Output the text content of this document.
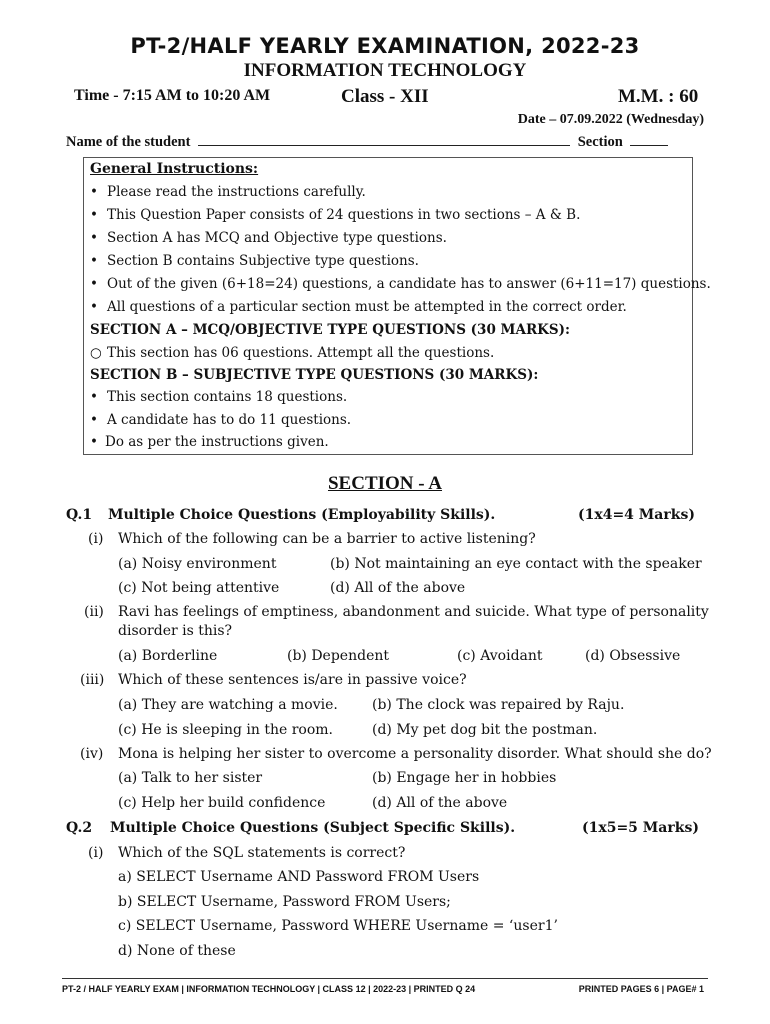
PT-2/HALF YEARLY EXAMINATION, 2022-23
INFORMATION TECHNOLOGY
Time - 7:15 AM to 10:20 AM	Class - XII	M.M. : 60
Date – 07.09.2022 (Wednesday)
Name of the student	Section
General Instructions:
• Please read the instructions carefully.
• This Question Paper consists of 24 questions in two sections – A & B.
• Section A has MCQ and Objective type questions.
• Section B contains Subjective type questions.
• Out of the given (6+18=24) questions, a candidate has to answer (6+11=17) questions.
• All questions of a particular section must be attempted in the correct order.
SECTION A – MCQ/OBJECTIVE TYPE QUESTIONS (30 MARKS):
○ This section has 06 questions. Attempt all the questions.
SECTION B – SUBJECTIVE TYPE QUESTIONS (30 MARKS):
• This section contains 18 questions.
• A candidate has to do 11 questions.
• Do as per the instructions given.
SECTION - A
Q.1 Multiple Choice Questions (Employability Skills).	(1x4=4 Marks)
(i) Which of the following can be a barrier to active listening?
(a) Noisy environment	(b) Not maintaining an eye contact with the speaker
(c) Not being attentive	(d) All of the above
(ii) Ravi has feelings of emptiness, abandonment and suicide. What type of personality
disorder is this?
(a) Borderline	(b) Dependent	(c) Avoidant	(d) Obsessive
(iii) Which of these sentences is/are in passive voice?
(a) They are watching a movie. (b) The clock was repaired by Raju.
(c) He is sleeping in the room.	(d) My pet dog bit the postman.
(iv) Mona is helping her sister to overcome a personality disorder. What should she do?
(a) Talk to her sister	(b) Engage her in hobbies
(c) Help her build confidence	(d) All of the above
Q.2 Multiple Choice Questions (Subject Specific Skills).	(1x5=5 Marks)
(i) Which of the SQL statements is correct?
a) SELECT Username AND Password FROM Users
b) SELECT Username, Password FROM Users;
c) SELECT Username, Password WHERE Username = ‘user1’
d) None of these
PT-2 / HALF YEARLY EXAM | INFORMATION TECHNOLOGY | CLASS 12 | 2022-23 | PRINTED Q 24	PRINTED PAGES 6 | PAGE# 1
